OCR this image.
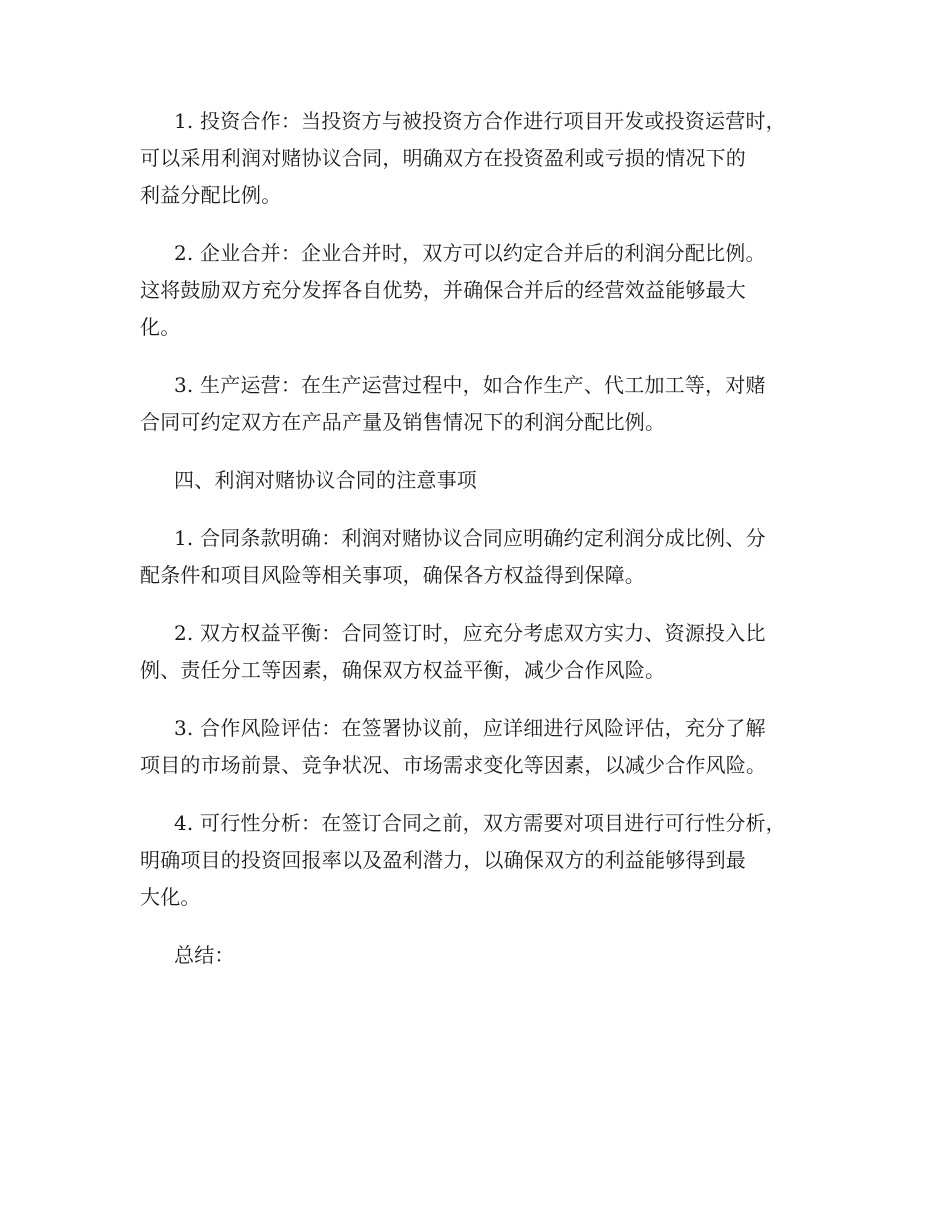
1. 投资合作：当投资方与被投资方合作进行项目开发或投资运营时，
可以采用利润对赌协议合同，明确双方在投资盈利或亏损的情况下的
利益分配比例。

2. 企业合并：企业合并时，双方可以约定合并后的利润分配比例。
这将鼓励双方充分发挥各自优势，并确保合并后的经营效益能够最大
化。

3. 生产运营：在生产运营过程中，如合作生产、代工加工等，对赌
合同可约定双方在产品产量及销售情况下的利润分配比例。

四、利润对赌协议合同的注意事项

1. 合同条款明确：利润对赌协议合同应明确约定利润分成比例、分
配条件和项目风险等相关事项，确保各方权益得到保障。

2. 双方权益平衡：合同签订时，应充分考虑双方实力、资源投入比
例、责任分工等因素，确保双方权益平衡，减少合作风险。

3. 合作风险评估：在签署协议前，应详细进行风险评估，充分了解
项目的市场前景、竞争状况、市场需求变化等因素，以减少合作风险。

4. 可行性分析：在签订合同之前，双方需要对项目进行可行性分析，
明确项目的投资回报率以及盈利潜力，以确保双方的利益能够得到最
大化。

总结：
